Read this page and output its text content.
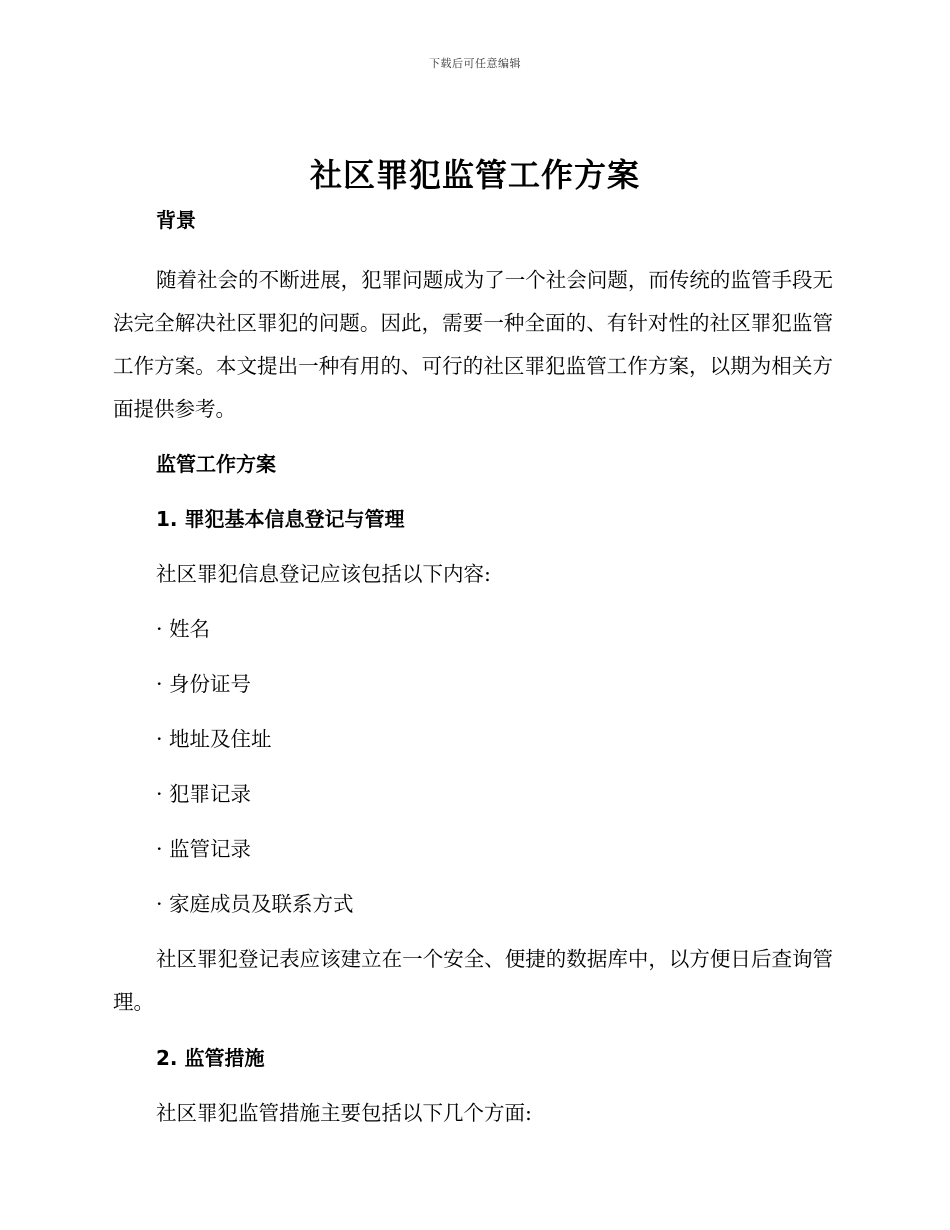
下载后可任意编辑
社区罪犯监管工作方案

背景

随着社会的不断进展，犯罪问题成为了一个社会问题，而传统的监管手段无法完全解决社区罪犯的问题。因此，需要一种全面的、有针对性的社区罪犯监管工作方案。本文提出一种有用的、可行的社区罪犯监管工作方案，以期为相关方面提供参考。

监管工作方案

1. 罪犯基本信息登记与管理

社区罪犯信息登记应该包括以下内容:

· 姓名

· 身份证号

· 地址及住址

· 犯罪记录

· 监管记录

· 家庭成员及联系方式

社区罪犯登记表应该建立在一个安全、便捷的数据库中，以方便日后查询管理。

2. 监管措施

社区罪犯监管措施主要包括以下几个方面:
